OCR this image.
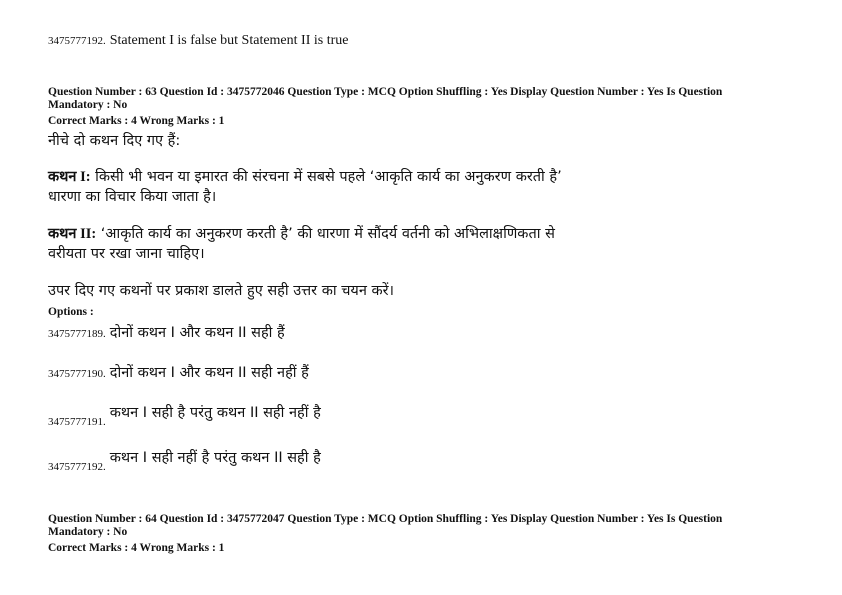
3475777192. Statement I is false but Statement II is true
Question Number : 63 Question Id : 3475772046 Question Type : MCQ Option Shuffling : Yes Display Question Number : Yes Is Question
Mandatory : No
Correct Marks : 4 Wrong Marks : 1
नीचे दो कथन दिए गए हैं:
कथन I: किसी भी भवन या इमारत की संरचना में सबसे पहले ‘आकृति कार्य का अनुकरण करती है’
धारणा का विचार किया जाता है।
कथन II: ‘आकृति कार्य का अनुकरण करती है’ की धारणा में सौंदर्य वर्तनी को अभिलाक्षणिकता से
वरीयता पर रखा जाना चाहिए।
उपर दिए गए कथनों पर प्रकाश डालते हुए सही उत्तर का चयन करें।
Options :
3475777189. दोनों कथन I और कथन II सही हैं
3475777190. दोनों कथन I और कथन II सही नहीं हैं
$_{3475777191.}$ कथन I सही है परंतु कथन II सही नहीं है
$_{3475777192.}$ कथन I सही नहीं है परंतु कथन II सही है
Question Number : 64 Question Id : 3475772047 Question Type : MCQ Option Shuffling : Yes Display Question Number : Yes Is Question
Mandatory : No
Correct Marks : 4 Wrong Marks : 1
